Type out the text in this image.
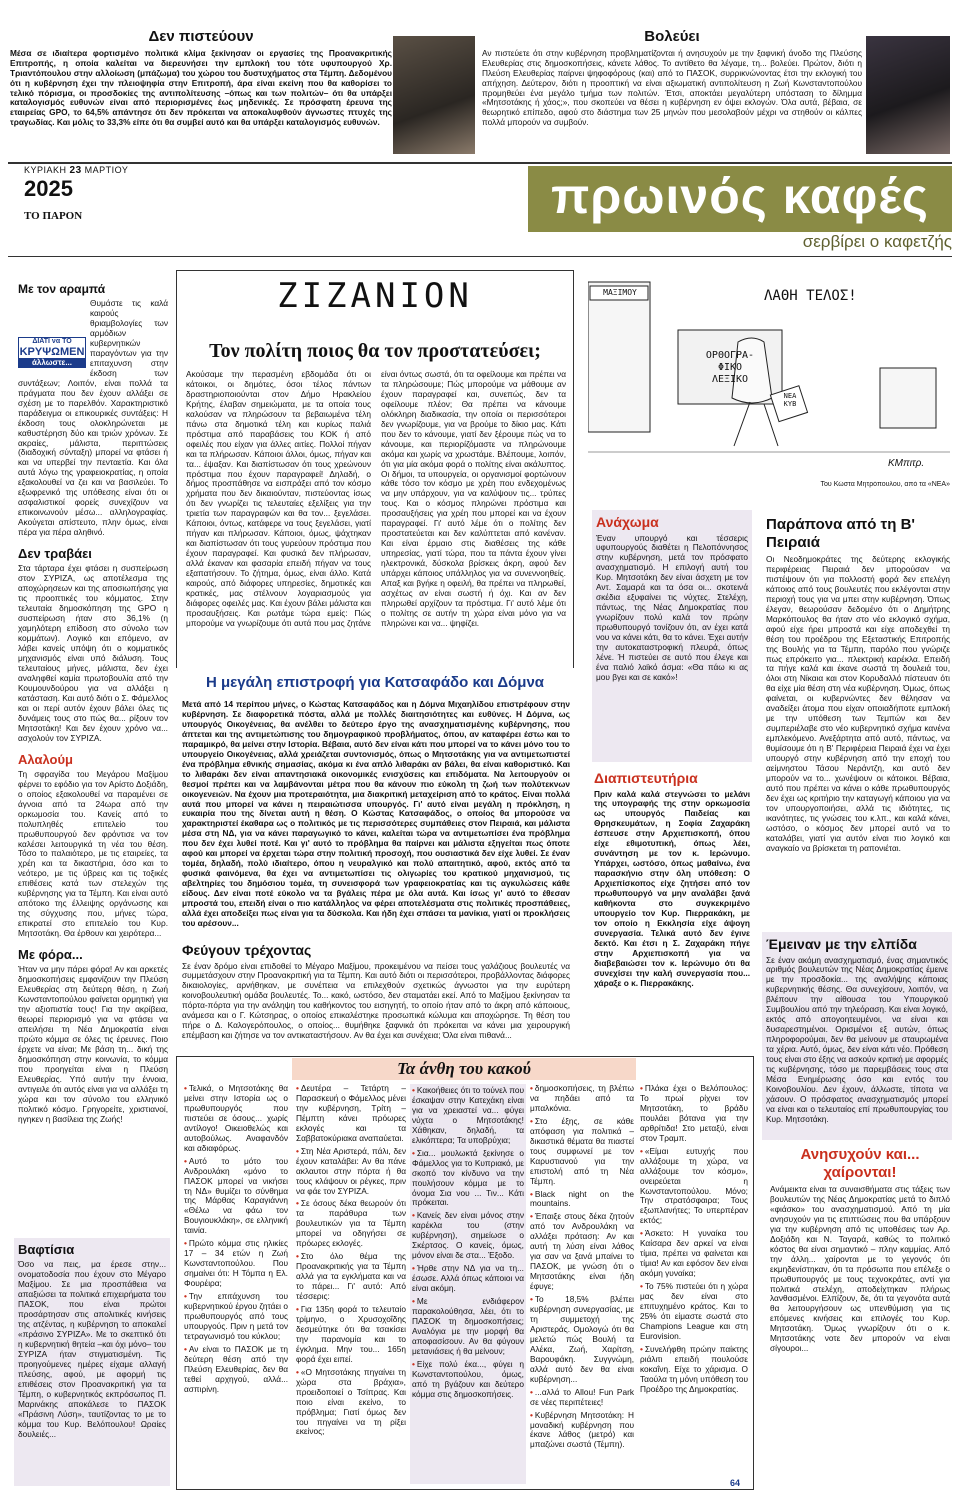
Δεν πιστεύουν
Μέσα σε ιδιαίτερα φορτισμένο πολιτικά κλίμα ξεκίνησαν οι εργασίες της Προανακριτικής Επιτροπής, η οποία καλείται να διερευνήσει την εμπλοκή του τότε υφυπουργού Χρ. Τριαντόπουλου στην αλλοίωση (μπάζωμα) του χώρου του δυστυχήματος στα Τέμπη. Δεδομένου ότι η κυβέρνηση έχει την πλειοψηφία στην Επιτροπή, άρα είναι εκείνη που θα καθορίσει το τελικό πόρισμα, οι προσδοκίες της αντιπολίτευσης –όπως και των πολιτών– ότι θα υπάρξει καταλογισμός ευθυνών είναι από περιορισμένες έως μηδενικές. Σε πρόσφατη έρευνα της εταιρείας GPO, το 64,5% απάντησε ότι δεν πρόκειται να αποκαλυφθούν άγνωστες πτυχές της τραγωδίας. Και μόλις το 33,3% είπε ότι θα συμβεί αυτό και θα υπάρξει καταλογισμός ευθυνών.
Βολεύει
Αν πιστεύετε ότι στην κυβέρνηση προβληματίζονται ή ανησυχούν με την ξαφνική άνοδο της Πλεύσης Ελευθερίας στις δημοσκοπήσεις, κάνετε λάθος. Το αντίθετο θα λέγαμε, τη... βολεύει. Πρώτον, διότι η Πλεύση Ελευθερίας παίρνει ψηφοφόρους (και) από το ΠΑΣΟΚ, συρρικνώνοντας έτσι την εκλογική του απήχηση. Δεύτερον, διότι η προοπτική να είναι αξιωματική αντιπολίτευση η Ζωή Κωνσταντοπούλου προμηθεύει ένα μεγάλο τμήμα των πολιτών. Έτσι, αποκτάει μεγαλύτερη υπόσταση το δίλημμα «Μητσοτάκης ή χάος;», που σκοπεύει να θέσει η κυβέρνηση εν όψει εκλογών. Όλα αυτά, βέβαια, σε θεωρητικό επίπεδο, αφού στο διάστημα των 25 μηνών που μεσολαβούν μέχρι να στηθούν οι κάλπες πολλά μπορούν να συμβούν.
ΚΥΡΙΑΚΗ 23 ΜΑΡΤΙΟΥ
2025
ΤΟ ΠΑΡΟΝ	πρωινός καφές
σερβίρει ο καφετζής
Με τον αραμπά
ΔΙΑΤΙ να ΤΟ
ΚΡΥΨΩΜΕΝ
άλλωστε...
Θυμάστε τις καλά καιρούς θριαμβολογίες των αρμόδιων κυβερνητικών παραγόντων για την επιταχυνση στην έκδοση των συντάξεων; Λοιπόν, είναι πολλά τα πράγματα που δεν έχουν αλλάξει σε σχέση με το παρελθόν. Χαρακτηριστικό παράδειγμα οι επικουρικές συντάξεις: Η έκδοση τους ολοκληρώνεται με καθυστέρηση δύο και τριών χρόνων. Σε ακραίες, μάλιστα, περιπτώσεις (διαδοχική σύνταξη) μπορεί να φτάσει ή και να υπερβεί την πενταετία. Και όλα αυτά λόγω της γραφειοκρατίας, η οποία εξακολουθεί να ζει και να βασιλεύει. Το εξωφρενικό της υπόθεσης είναι ότι οι ασφαλιστικοί φορείς συνεχίζουν να επικοινωνούν μέσω... αλληλογραφίας. Ακούγεται απίστευτο, πλην όμως, είναι πέρα για πέρα αληθινό.
Δεν τραβάει
Στα τάρταρα έχει φτάσει η συσπείρωση στον ΣΥΡΙΖΑ, ως αποτέλεσμα της αποχώρησεων και της αποσιωπήσης για τις προοπτικές του κόμματος. Στην τελευταία δημοσκόπηση της GPO η συσπείρωση ήταν στο 36,1% (η χαμηλότερη επίδοση στο σύνολο των κομμάτων). Λογικό και επόμενο, αν λάβει κανείς υπόψη ότι ο κομματικός μηχανισμός είναι υπό διάλυση. Τους τελευταίους μήνες, μάλιστα, δεν έχει αναληφθεί καμία πρωτοβουλία από την Κουμουνδούρου για να αλλάξει η κατάσταση. Και αυτό διότι ο Σ. Φάμελλος και οι περί αυτόν έχουν βάλει όλες τις δυνάμεις τους στο πώς θα... ρίξουν τον Μητσοτάκη! Και δεν έχουν χρόνο να... ασχολούν τον ΣΥΡΙΖΑ.
Αλαλούμ
Τη σφραγίδα του Μεγάρου Μαξίμου φέρνει το εφόδιο για τον Αρίστο Δοξιάδη, ο οποίος εξακολουθεί να παραμένει σε άγνοια από τα 24ωρα από την ορκωμοσία του. Κανείς από το πολυπληθές επιτελείο του πρωθυπουργού δεν φρόντισε να τον καλέσει λειτουργικά τη νέα του θέση. Τόσο το παλαιότερο, με τις εταιρείες, τα χρέη και τα δικαστήρια, όσο και το νεότερο, με τις ύβρεις και τις τοξικές επιθέσεις κατά των στελεχών της κυβέρνησης για τα Τέμπη. Και είναι αυτό απότοκο της έλλειψης οργάνωσης και της σύγχυσης που, μήνες τώρα, επικρατεί στο επιτελείο του Κυρ. Μητσοτάκη. Θα έρθουν και χειρότερα...
Με φόρα...
Ήταν να μην πάρει φόρα! Αν και αρκετές δημοσκοπήσεις εμφανίζουν την Πλεύση Ελευθερίας στη δεύτερη θέση, η Ζωή Κωνσταντοπούλου φαίνεται ορμητική για την αξιοπιστία τους! Για την ακρίβεια, θεωρεί περιορισμό για να φτάσει να απειλήσει τη Νέα Δημοκρατία είναι πρώτο κόμμα σε όλες τις έρευνες. Ποιο έρχετε να είναι; Με βάση τη... δική της δημοσκόπηση στην κοινωνία, το κόμμα που προηγείται είναι η Πλεύση Ελευθερίας. Υπό αυτήν την έννοια, αντιγειλε ότι αυτός είναι για να αλλάξει τη χώρα και τον σύνολο του ελληνικό πολιτικό κόσμο. Γρηγορείτε, χριστιανοί, ηγηκεν η βασίλεια της Ζωής!
Βαφτίσια
Όσο να πεις, μα έρεσε στην... ονοματοδοσία που έχουν στο Μέγαρο Μαξίμου. Σε μια προσπάθεια να απαξιώσει τα πολιτικά επιχειρήματα του ΠΑΣΟΚ, που είναι πρώτοι προσάρτησαν στις απολιτικές κινήσεις της ατζέντας, η κυβέρνηση το αποκαλεί «πράσινο ΣΥΡΙΖΑ». Με το σκεπτικό ότι η κυβερνητική θητεία –και όχι μόνο– του ΣΥΡΙΖΑ ήταν στιγματισμένη. Τις προηγούμενες ημέρες είχαμε αλλαγή πλεύσης, αφού, με αφορμή τις επιθέσεις στον Προανακριτική για τα Τέμπη, ο κυβερνητικός εκπρόσωπος Π. Μαρινάκης αποκάλεσε το ΠΑΣΟΚ «Πράσινη Λύση», ταυτίζοντας το με το κόμμα του Κυρ. Βελόπουλου! Ωραίες δουλειές...
ΖΙΖΑΝΙΟΝ
Τον πολίτη ποιος θα τον προστατεύσει;
Ακούσαμε την περασμένη εβδομάδα ότι οι κάτοικοι, οι δημότες, όσοι τέλος πάντων δραστηριοποιούνται στον Δήμο Ηρακλείου Κρήτης, έλαβαν σημειώματα, με τα οποία τους καλούσαν να πληρώσουν τα βεβαιωμένα τέλη πάνω στα δημοτικά τέλη και κυρίως παλιά πρόστιμα από παραβάσεις του ΚΟΚ ή από οφειλές που είχαν για άλλες αιτίες. Πολλοί πήγαν και τα πλήρωσαν. Κάποιοι άλλοι, όμως, πήγαν και τα... έψαξαν. Και διαπίστωσαν ότι τους χρεώνουν πρόστιμα που έχουν παραγραφεί! Δηλαδή, ο δήμος προσπάθησε να εισπράξει από τον κόσμο χρήματα που δεν δικαιούνταν, πιστεύοντας ίσως ότι δεν γνωρίζει τις τελευταίες εξελίξεις για την τριετία των παραγραφών και θα τον... ξεγελάσει. Κάποιοι, όντως, κατάφερε να τους ξεγελάσει, γιατί πήγαν και πλήρωσαν. Κάποιοι, όμως, ψάχτηκαν και διαπίστωσαν ότι τους γυρεύουν πρόστιμα που έχουν παραγραφεί. Και φυσικά δεν πλήρωσαν, αλλά έκαναν και φασαρία επειδή πήγαν να τους εξαπατήσουν. Το ζήτημα, όμως, είναι άλλο. Κατά καιρούς, από διάφορες υπηρεσίες, δημοτικές και κρατικές, μας στέλνουν λογαριασμούς για διάφορες οφειλές μας. Και έχουν βάλει μάλιστα και προσαυξήσεις. Και ρωτάμε τώρα εμείς: Πώς μπορούμε να γνωρίζουμε ότι αυτά που μας ζητάνε είναι όντως σωστά, ότι τα οφείλουμε και πρέπει να τα πληρώσουμε; Πώς μπορούμε να μάθουμε αν έχουν παραγραφεί και, συνεπώς, δεν τα οφείλουμε πλέον; Θα πρέπει να κάνουμε ολόκληρη διαδικασία, την οποία οι περισσότεροι δεν γνωρίζουμε, για να βρούμε το δίκιο μας. Κάτι που δεν το κάνουμε, γιατί δεν ξέρουμε πώς να το κάνουμε, και περιορίζόμαστε να πληρώνουμε ακόμα και χωρίς να χρωστάμε. Βλέπουμε, λοιπόν, ότι για μία ακόμα φορά ο πολίτης είναι ακάλυπτος. Οι δήμοι, τα υπουργεία, οι οργανισμοί φορτώνουν κάθε τόσο τον κόσμο με χρέη που ενδεχομένως να μην υπάρχουν, για να καλύψουν τις... τρύπες τους. Και ο κόσμος πληρώνει πρόστιμα και προσαυξήσεις για χρέη που μπορεί και να έχουν παραγραφεί. Γι' αυτό λέμε ότι ο πολίτης δεν προστατεύεται και δεν καλύπτεται από κανέναν. Και είναι έρμαιο στις διαθέσεις της κάθε υπηρεσίας, γιατί τώρα, που τα πάντα έχουν γίνει ηλεκτρονικά, δύσκολα βρίσκεις άκρη, αφού δεν υπάρχει κάποιος υπάλληλος για να συνεννοηθείς. Απαξ και βγήκε η οφειλή, θα πρέπει να πληρωθεί, ασχέτως αν είναι σωστή ή όχι. Και αν δεν πληρωθεί αρχίζουν τα πρόστιμα. Γι' αυτό λέμε ότι ο πολίτης σε αυτήν τη χώρα είναι μόνο για να πληρώνει και να... ψηφίζει.
Η μεγάλη επιστροφή για Κατσαφάδο και Δόμνα
Μετά από 14 περίπου μήνες, ο Κώστας Κατσαφάδος και η Δόμνα Μιχαηλίδου επιστρέφουν στην κυβέρνηση. Σε διαφορετικά πόστα, αλλά με πολλές διαιτησιότητες και ευθύνες. Η Δόμνα, ως υπουργός Οικογένειας, θα ανέλθει το δεύτερο έργο της ανασχηματισμένης κυβέρνησης, που άπτεται και της αντιμετώπισης του δημογραφικού προβλήματος, όπου, αν καταφέρει έστω και το παραμικρό, θα μείνει στην Ιστορία. Βέβαια, αυτό δεν είναι κάτι που μπορεί να το κάνει μόνο του το υπουργείο Οικογένειας, αλλά χρειάζεται συντονισμός, όπως ο Μητσοτάκης για να αντιμετωπιστεί ένα πρόβλημα εθνικής σημασίας, ακόμα κι ένα απλό λιθαράκι αν βάλει, θα είναι καθοριστικό. Και το λιθαράκι δεν είναι απαντησιακά οικονομικές ενισχύσεις και επιδόματα. Να λειτουργούν οι θεσμοί πρέπει και να λαμβάνονται μέτρα που θα κάνουν πιο εύκολη τη ζωή των πολύτεκνων οικογενειών. Να έχουν μια προτεραιότητα, μια διακριτική μεταχείριση από το κράτος. Είναι πολλά αυτά που μπορεί να κάνει η πειραιώτισσα υπουργός. Γι' αυτό είναι μεγάλη η πρόκληση, η ευκαιρία που της δίνεται αυτή η θέση. Ο Κώστας Κατσαφάδος, ο οποίος θα μπορούσε να χαρακτηριστεί έκαθαρα ως ο πολιτικός με τις περισσότερες συμπάθειες στον Πειραιά, και μάλιστα μέσα στη ΝΔ, για να κάνει παραγωγικό το κάνει, καλείται τώρα να αντιμετωπίσει ένα πρόβλημα που δεν έχει λυθεί ποτέ. Και γι' αυτό το πρόβλημα θα παίρνει και μάλιστα εξηγείται πως όποτε αφού και μπορεί να έρχεται τώρα στην πολιτική προσοχή, που ουσιαστικά δεν είχε λυθεί. Σε έναν τομέα, δηλαδή, πολύ ιδιαίτερο, όπου η νευραλγικό και πολύ απαιτητικό, αφού, εκτός από τα φυσικά φαινόμενα, θα έχει να αντιμετωπίσει τις ολιγωρίες του κρατικού μηχανισμού, τις αβελτηρίες του δημόσιου τομέα, τη συνεισφορά των γραφειοκρατίας και τις αγκυλώσεις κάθε είδους. Δεν είναι ποτέ εύκολο να τα βγάλεις πέρα με όλα αυτά. Και ίσως γι' αυτό το έθεσαν μπροστά του, επειδή είναι ο πιο κατάλληλος να φέρει αποτελέσματα στις πολιτικές προσπάθειες, αλλά έχει αποδείξει πως είναι για τα δύσκολα. Και ήδη έχει σπάσει τα μανίκια, γιατί οι προκλήσεις του αρέσουν...
Φεύγουν τρέχοντας
Σε έναν δρόμο είναι επιδοθεί το Μέγαρο Μαξίμου, προκειμένου να πείσει τους γαλάζιους βουλευτές να συμμετάσχουν στην Προανακριτική για τα Τέμπη. Και αυτό διότι οι περισσότεροι, προβάλλοντας διάφορες δικαιολογίες, αρνήθηκαν, με συνέπεια να επιλεχθούν σχετικώς άγνωστοι για την ευρύτερη κοινοβουλευτική ομάδα βουλευτές. Το... κακό, ωστόσο, δεν σταματάει εκεί. Από το Μαξίμου ξεκίνησαν τα πόρτα-πόρτα για την ανάληψη του καθήκοντος του εισηγητή, το οποίο ήταν από το άκρη από κάποιους, ανάμεσα και ο Γ. Κώτσηρας, ο οποίος επικαλέστηκε προσωπικά κώλυμα και αποχώρησε. Τη θέση του πήρε ο Δ. Καλογερόπουλος, ο οποίος... θυμήθηκε ξαφνικά ότι πρόκειται να κάνει μια χειρουργική επέμβαση και ζήτησε να τον αντικαταστήσουν. Αν θα έχει και συνέχεια; Όλα είναι πιθανά...
ΜΑΞΙΜΟΥ	ΛΑΘΗ ΤΕΛΟΣ!
ΟΡΘΟΓΡΑ-
ΦΙΚΟ
ΛΕΞΙΚΟ
ΝΕΑ
ΚΥΒ
ΚΜπιτρ.
Του Κώστα Μητρόπουλου, από τα «ΝΕΑ»
Ανάχωμα
Έναν υπουργό και τέσσερις υφυπουργούς διαθέτει η Πελοπόννησος στην κυβέρνηση, μετά τον πρόσφατο ανασχηματισμό. Η επιλογή αυτή του Κυρ. Μητσοτάκη δεν είναι άσχετη με τον Αντ. Σαμαρά και τα όσα οι... σκοτεινά σκέδια εξυφαίνει τις νύχτες. Στελέχη, πάντως, της Νέας Δημοκρατίας που γνωρίζουν πολύ καλά τον πρώην πρωθυπουργό τονίζουν ότι, αν έχει κατά νου να κάνει κάτι, θα το κάνει. Έχει αυτήν την αυτοκαταστροφική πλευρά, όπως λένε. Ή πιστεύει σε αυτό που έλεγε και ένα παλιό λαϊκό άσμα: «Θα πάω κι ας μου βγει και σε κακό»!
Διαπιστευτήρια
Πριν καλά καλά στεγνώσει το μελάνι της υπογραφής της στην ορκωμοσία ως υπουργός Παιδείας και Θρησκευμάτων, η Σοφία Ζαχαράκη έσπευσε στην Αρχιεπισκοπή, όπου είχε εθιμοτυπική, όπως λέει, συνάντηση με τον κ. Ιερώνυμο. Υπάρχει, ωστόσο, όπως μαθαίνω, ένα παρασκήνιο στην όλη υπόθεση: Ο Αρχιεπίσκοπος είχε ζητήσει από τον πρωθυπουργό να μην αναλάβει ξανά καθήκοντα στο συγκεκριμένο υπουργείο τον Κυρ. Πιερρακάκη, με τον οποίο η Εκκλησία είχε άψογη συνεργασία. Τελικά αυτό δεν έγινε δεκτό. Και έτσι η Σ. Ζαχαράκη πήγε στην Αρχιεπισκοπή για να διαβεβαιώσει τον κ. Ιερώνυμο ότι θα συνεχίσει την καλή συνεργασία που... χάραξε ο κ. Πιερρακάκης.
Παράπονα από τη Β' Πειραιά
Οι Νεοδημοκράτες της δεύτερης εκλογικής περιφέρειας Πειραιά δεν μπορούσαν να πιστέψουν ότι για πολλοστή φορά δεν επελέγη κάποιος από τους βουλευτές που εκλέγονται στην περιοχή τους για να μπει στην κυβέρνηση. Όπως έλεγαν, θεωρούσαν δεδομένο ότι ο Δημήτρης Μαρκόπουλος θα ήταν στο νέο εκλογικό σχήμα, αφού είχε ήρει μπροστά και είχε αποδεχθεί τη θέση του προέδρου της Εξεταστικής Επιτροπής της Βουλής για τα Τέμπη, παρόλο που γνώριζε πως επρόκειτο για... πλεκτρική καρέκλα. Επειδή τα πήγε καλά και έκανε σωστά τη δουλειά του, όλοι στη Νίκαια και στον Κορυδαλλό πίστευαν ότι θα είχε μία θέση στη νέα κυβέρνηση. Όμως, όπως φαίνεται, οι κυβερνώντες δεν θέλησαν να αναδείξει άτομα που είχαν οποιαδήποτε εμπλοκή με την υπόθεση των Τεμπών και δεν συμπεριέλαβε στο νέο κυβερνητικό σχήμα κανένα εμπλεκόμενο. Ανεξάρτητα από αυτό, πάντως, να θυμίσουμε ότι η Β' Περιφέρεια Πειραιά έχει να έχει υπουργό στην κυβέρνηση από την εποχή του αείμνηστου Τάσου Νεράντζη, και αυτό δεν μπορούν να το... χωνέψουν οι κάτοικοι. Βέβαια, αυτό που πρέπει να κάνει ο κάθε πρωθυπουργός δεν έχει ως κριτήριο την καταγωγή κάποιου για να τον υπουργοποιήσει, αλλά τις ιδιότητες, τις ικανότητες, τις γνώσεις του κ.λπ., και καλά κάνει, ωστόσο, ο κόσμος δεν μπορεί αυτό να το καταλάβει, γιατί για αυτόν είναι πιο λογικό και αναγκαίο να βρίσκεται τη ραπονιέται.
Έμειναν με την ελπίδα
Σε έναν ακόμη ανασχηματισμό, ένας σημαντικός αριθμός βουλευτών της Νέας Δημοκρατίας έμεινε με την προσδοκία... της αναλήψης κάποιας κυβερνητικής θέσης. Θα συνεχίσουν, λοιπόν, να βλέπουν την αίθουσα του Υπουργικού Συμβουλίου από την τηλεόραση. Και είναι λογικό, εκτός από απογοητευμένοι, να είναι και δυσαρεστημένοι. Ορισμένοι εξ αυτών, όπως πληροφορούμαι, δεν θα μείνουν με σταυρωμένα τα χέρια. Αυτό, όμως, δεν είναι κάτι νέο. Πρόθεση τους είναι στο έξης να ασκούν κριτική με αφορμές τις κυβέρνησης, τόσο με παρεμβάσεις τους στα Μέσα Ενημέρωσης όσο και εντός του Κοινοβουλίου. Δεν έχουν, άλλωστε, τίποτα να χάσουν. Ο πρόσφατος ανασχηματισμός μπορεί να είναι και ο τελευταίος επί πρωθυπουργίας του Κυρ. Μητσοτάκη.
Ανησυχούν και... χαίρονται!
Ανάμεικτα είναι τα συναισθήματα στις τάξεις των βουλευτών της Νέας Δημοκρατίας μετά το διπλό «φιάσκο» του ανασχηματισμού. Από τη μία ανησυχούν για τις επιπτώσεις που θα υπάρξουν για την κυβέρνηση από τις υποθέσεις των Αρ. Δοξιάδη και Ν. Ταγαρά, καθώς το πολιτικό κόστος θα είναι σημαντικό – πλην καμμίας. Από την άλλη... χαίρονται με το γεγονός ότι εκμηδενίστηκαν, ότι τα πρόσωπα που επέλεξε ο πρωθυπουργός με τους τεχνοκράτες, αντί για πολιτικά στελέχη, αποδείχτηκαν πλήρως λανθασμένοι. Ελπίζουν, δε, ότι τα γεγονότα αυτά θα λειτουργήσουν ως υπενθύμιση για τις επόμενες κινήσεις και επιλογές του Κυρ. Μητσοτάκη. Όμως γνωρίζουν ότι ο κ. Μητσοτάκης νοτε δεν μπορούν να είναι σίγουροι...
Τα άνθη του κακού

• Τελικά, ο Μητσοτάκης θα μείνει στην Ιστορία ως ο πρωθυπουργός που πιστεύει σε όσους... χωρίς αντίλογο! Οικειοθελώς και αυτοβούλως. Αναφανδόν και αδιαφόρως.

• Αυτό το μότο του Ανδρουλάκη «μόνο το ΠΑΣΟΚ μπορεί να νικήσει τη ΝΔ» θυμίζει το σύνθημα της Μάρθας Καραγιάννη «Θέλω να φάω τον Βουγιουκλάκη», σε ελληνική ταινία.

• Πρώτο κόμμα στις ηλικίες 17 – 34 ετών η Ζωή Κωνσταντοπούλου. Που σημαίνει ότι: Η Τόμπα η Ελ. Φουρέιρα;

• Την επιτάχυνση του κυβερνητικού έργου ζητάει ο πρωθυπουργός από τους υπουργούς. Πριν η μετά τον τετραγωνισμό του κύκλου;

• Αν είναι το ΠΑΣΟΚ με τη δεύτερη θέση από την Πλεύση Ελευθερίας, δεν θα τεθεί αρχηγού, αλλά... ασπιρίνη.

• Δευτέρα – Τετάρτη – Παρασκευή ο Φάμελλος μένει την κυβέρνηση, Τρίτη – Πέμπτη κάνει πρόωρες εκλογές και τα Σαββατοκύριακα αναπαύεται.

• Στη Νέα Αριστερά, πάλι, δεν έχουν καταλάβει: Αν θα πάνε ακλαυτοι στην πόρτα ή θα τους κλάψουν οι ρέγκες, πριν να φάε τον ΣΥΡΙΖΑ.

• Σε όσους δέκα θεωρούν ότι τα παράθυρα των βουλευτικών για τα Τέμπη μπορεί να οδηγήσει σε πρόωρες εκλογές.

• Στο όλο θέμα της Προανακριτικής για τα Τέμπη αλλά για τα εγκλήματα και να το πάρει... Γι' αυτό: Από τέσσερις:

• Για 135η φορά το τελευταίο τρίμηνο, ο Χρυσοχοΐδης δεσμεύτηκε ότι θα τσακίσει την παρανομία και το έγκλημα. Μην του... 165η φορά έχει ειπεί.

• «Ο Μητσοτάκης πηγαίνει τη χώρα στα βράχια», προειδοποιεί ο Τσίπρας. Και ποιο είναι εκείνο, το πρόβλημα; Γιατί όμως δεν του πηγαίνει να τη ρίξει εκείνος;

• Κακοήθειες ότι το τούνελ που έσκαψαν στην Κατεχάκη είναι για να χρειαστεί να... φύγει νύχτα ο Μητσοτάκης! Χάθηκαν, δηλαδή, τα ελικόπτερα; Τα υποβρύχια;

• Σια... μουλωκτά ξεκίνησε ο Φάμελλος για το Κυπριακό, με σκοπό τον κίνδυνο να την πουλήσουν κόμμα με το όνομα Σια νου ... Τιν... Κάτι πρόκειται.

• Κανείς δεν είναι μόνος στην καρέκλα του (στην κυβέρνηση), σημείωσε ο Σκέρτσος. Ο κανείς, όμως, μόνον είναι δε στα... Έξοδο.

• Ήρθε στην ΝΔ για να τη... έσωσε. Αλλά όπως κάποιοι να είναι ακόμη.

• Με ενδιάφερον παρακολούθησα, λέει, ότι το ΠΑΣΟΚ τη δημοσκοπήσεις; Αναλόγια με την μορφή θα αποφασίσουν. Αν θα φύγουν μετανιάσεις ή θα μείνουν;

• Είχε πολύ έκα..., φύγει η Κωνσταντοπούλου, όμως, από τη βγάζουν και δεύτερο κόμμα στις δημοσκοπήσεις.

• δημοσκοπήσεις, τη βλέπω να πηδάει από τα μπαλκόνια.

• Στο έξης, σε κάθε απόφαση για πολιτικά – δικαστικά θέματα θα πιαστεί τους συμφωνεί με τον Καρυστιανού για την επιστολή από τη Νέα Τέμπη.

• Black night on the mountains.

• Έπαιξε στους δέκα ζητούν από τον Ανδρουλάκη να αλλάξει πρόταση: Αν και αυτή τη λύση είναι λάθος για σαν να ξανά μπαίνει το ΠΑΣΟΚ, με γνώση ότι ο Μητσοτάκης είναι ήδη έφυγε;

• Το 18,5% βλέπει κυβέρνηση συνεργασίας, με τη συμμετοχή της Αριστεράς. Ομολογώ ότι θα μελετώ πώς Βουλή τα Αλέκα, Ζωή, Χαρίτση, Βαρουφάκη. Συγγνώμη, αλλά αυτό δεν θα είναι κυβέρνηση...

• ...αλλά το Allou! Fun Park σε νέες περιπέτειες!

• Κυβέρνηση Μητσοτάκη: Η μοναδική κυβέρνηση που έκανε λάθος (μετρό) και μπαζώνει σωστά (Τέμπη).

• Πλάκα έχει ο Βελόπουλος: Το πρωί ρίχνει τον Μητσοτάκη, το βράδυ πουλάει βότανα για την αρθρίτιδα! Στο μεταξύ, είναι στον Τραμπ.

• «Είμαι ευτυχής που αλλάξουμε τη χώρα, να αλλάξουμε τον κόσμο», ονειρεύεται η Κωνσταντοπούλου. Μόνο; Την στρατόσφαιρα; Τους εξωπλανήτες; Το υπερπέραν εκτός;

• Άσκετο: Η γυναίκα του Καίσαρα δεν αρκεί να είναι τίμια, πρέπει να φαίνεται και τίμια! Αν και εφόσον δεν είναι ακόμη γυναίκα;

• Το 75% πιστεύει ότι η χώρα μας δεν είναι στο επιτυχημένο κράτος. Και το 25% ότι είμαστε σωστά στο Champions League και στη Eurovision.

• Συνελήφθη πρώην παίκτης ριάλιτι επειδή πουλούσε κοκαΐνη. Είχε το χάρισμα. Ο Ταούλα τη μόνη υπόθεση του Προέδρο της Δημοκρατίας.

64
